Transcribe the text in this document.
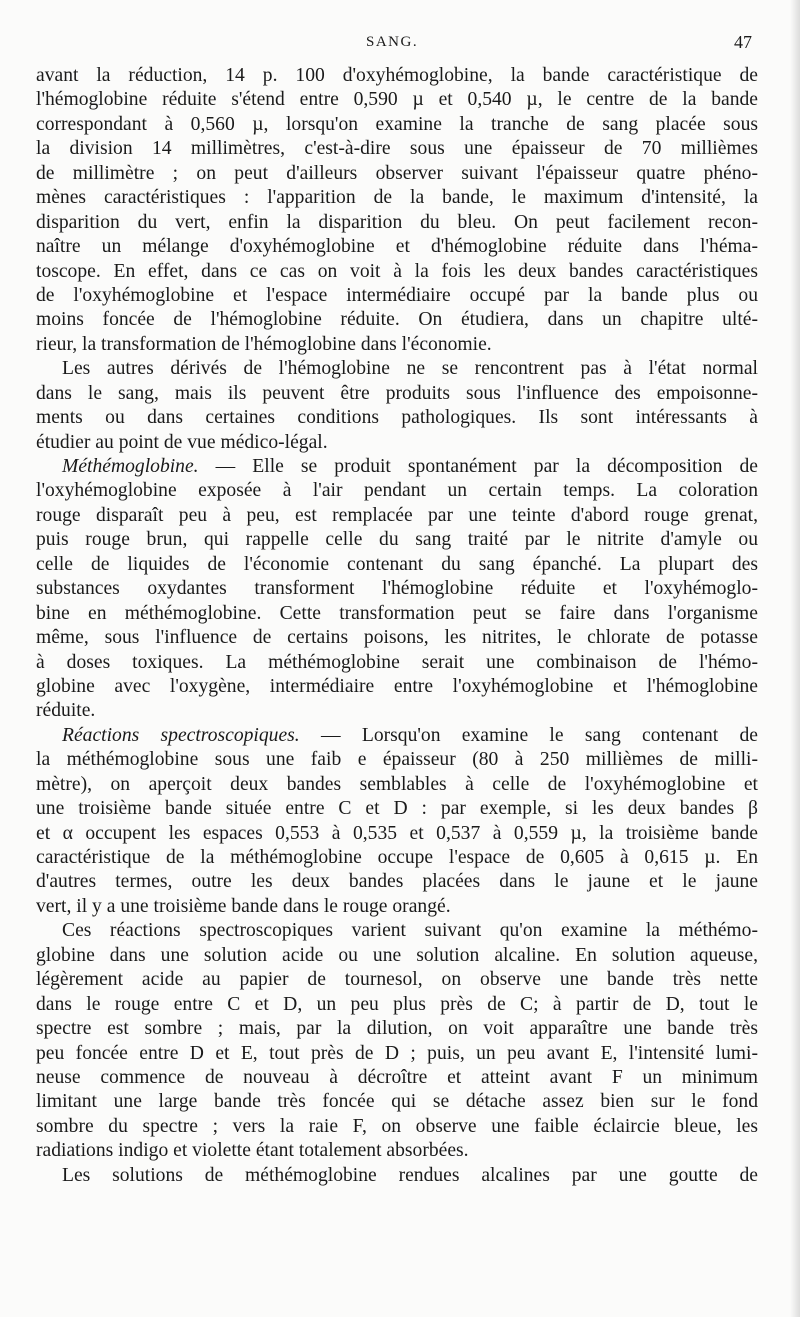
SANG.	47
avant la réduction, 14 p. 100 d'oxyhémoglobine, la bande caractéristique de
l'hémoglobine réduite s'étend entre 0,590 µ et 0,540 µ, le centre de la bande
correspondant à 0,560 µ, lorsqu'on examine la tranche de sang placée sous
la division 14 millimètres, c'est-à-dire sous une épaisseur de 70 millièmes
de millimètre ; on peut d'ailleurs observer suivant l'épaisseur quatre phéno-
mènes caractéristiques : l'apparition de la bande, le maximum d'intensité, la
disparition du vert, enfin la disparition du bleu. On peut facilement recon-
naître un mélange d'oxyhémoglobine et d'hémoglobine réduite dans l'héma-
toscope. En effet, dans ce cas on voit à la fois les deux bandes caractéristiques
de l'oxyhémoglobine et l'espace intermédiaire occupé par la bande plus ou
moins foncée de l'hémoglobine réduite. On étudiera, dans un chapitre ulté-
rieur, la transformation de l'hémoglobine dans l'économie.
Les autres dérivés de l'hémoglobine ne se rencontrent pas à l'état normal
dans le sang, mais ils peuvent être produits sous l'influence des empoisonne-
ments ou dans certaines conditions pathologiques. Ils sont intéressants à
étudier au point de vue médico-légal.
Méthémoglobine. — Elle se produit spontanément par la décomposition de
l'oxyhémoglobine exposée à l'air pendant un certain temps. La coloration
rouge disparaît peu à peu, est remplacée par une teinte d'abord rouge grenat,
puis rouge brun, qui rappelle celle du sang traité par le nitrite d'amyle ou
celle de liquides de l'économie contenant du sang épanché. La plupart des
substances oxydantes transforment l'hémoglobine réduite et l'oxyhémoglo-
bine en méthémoglobine. Cette transformation peut se faire dans l'organisme
même, sous l'influence de certains poisons, les nitrites, le chlorate de potasse
à doses toxiques. La méthémoglobine serait une combinaison de l'hémo-
globine avec l'oxygène, intermédiaire entre l'oxyhémoglobine et l'hémoglobine
réduite.
Réactions spectroscopiques. — Lorsqu'on examine le sang contenant de
la méthémoglobine sous une faib e épaisseur (80 à 250 millièmes de milli-
mètre), on aperçoit deux bandes semblables à celle de l'oxyhémoglobine et
une troisième bande située entre C et D : par exemple, si les deux bandes β
et α occupent les espaces 0,553 à 0,535 et 0,537 à 0,559 µ, la troisième bande
caractéristique de la méthémoglobine occupe l'espace de 0,605 à 0,615 µ. En
d'autres termes, outre les deux bandes placées dans le jaune et le jaune
vert, il y a une troisième bande dans le rouge orangé.
Ces réactions spectroscopiques varient suivant qu'on examine la méthémo-
globine dans une solution acide ou une solution alcaline. En solution aqueuse,
légèrement acide au papier de tournesol, on observe une bande très nette
dans le rouge entre C et D, un peu plus près de C; à partir de D, tout le
spectre est sombre ; mais, par la dilution, on voit apparaître une bande très
peu foncée entre D et E, tout près de D ; puis, un peu avant E, l'intensité lumi-
neuse commence de nouveau à décroître et atteint avant F un minimum
limitant une large bande très foncée qui se détache assez bien sur le fond
sombre du spectre ; vers la raie F, on observe une faible éclaircie bleue, les
radiations indigo et violette étant totalement absorbées.
Les solutions de méthémoglobine rendues alcalines par une goutte de
